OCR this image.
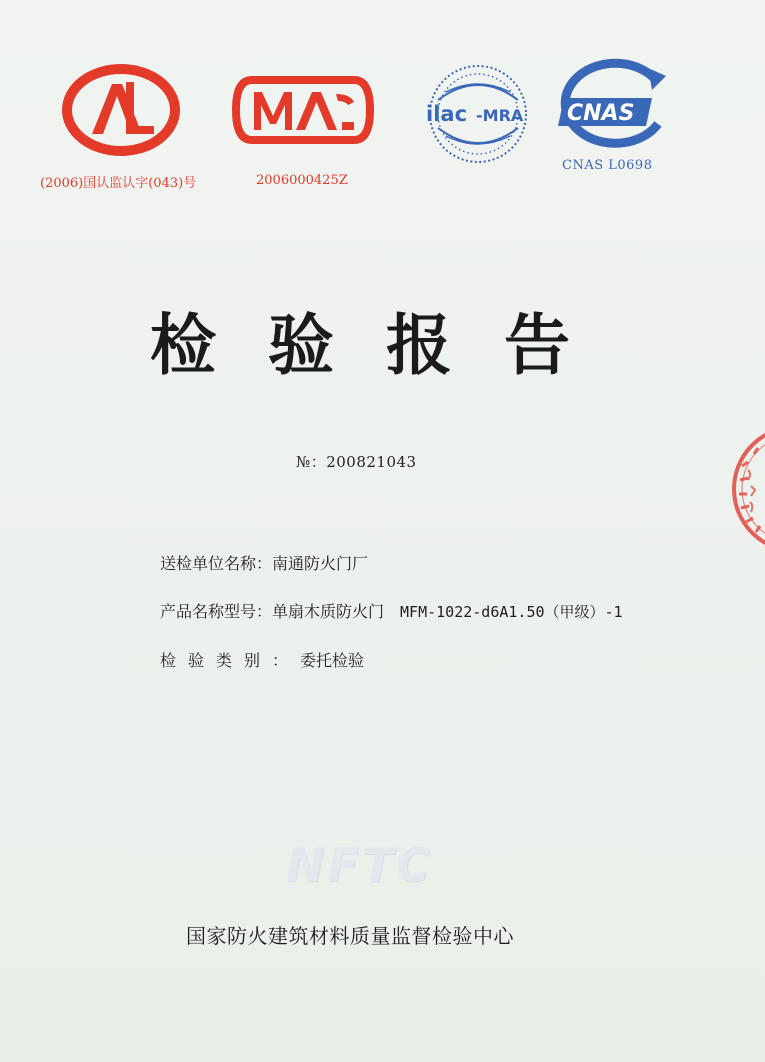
(2006)国认监认字(043)号	2006000425Z
ilac -MRA CNAS
CNAS L0698
检 验 报 告
№：200821043
送检单位名称：南通防火门厂
产品名称型号：单扇木质防火门 MFM-1022-d6A1.50（甲级）-1
检验类别：委托检验
NFTC
国家防火建筑材料质量监督检验中心
